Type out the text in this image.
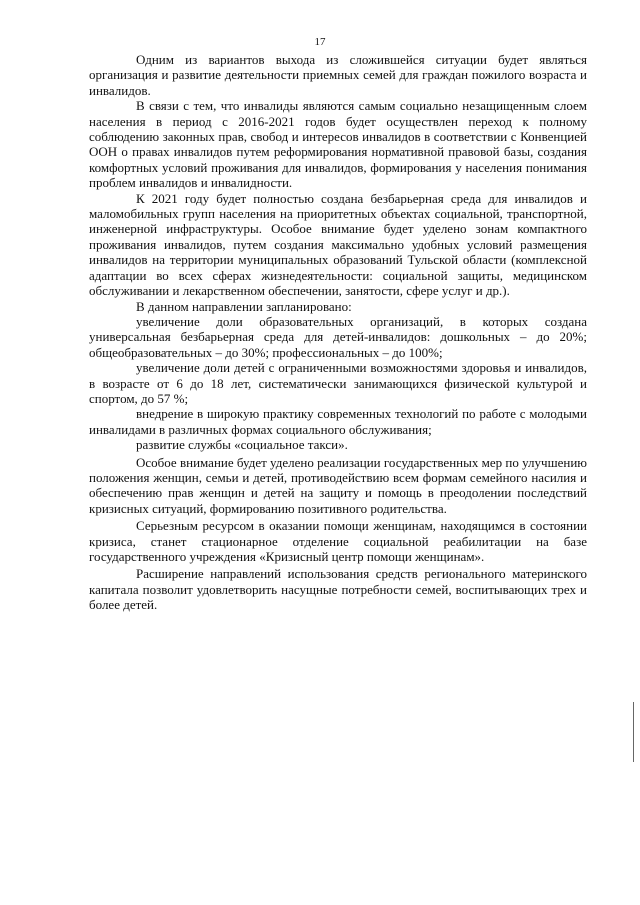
17

Одним из вариантов выхода из сложившейся ситуации будет являться организация и развитие деятельности приемных семей для граждан пожилого возраста и инвалидов.

В связи с тем, что инвалиды являются самым социально незащищенным слоем населения в период с 2016-2021 годов будет осуществлен переход к полному соблюдению законных прав, свобод и интересов инвалидов в соответствии с Конвенцией ООН о правах инвалидов путем реформирования нормативной правовой базы, создания комфортных условий проживания для инвалидов, формирования у населения понимания проблем инвалидов и инвалидности.

К 2021 году будет полностью создана безбарьерная среда для инвалидов и маломобильных групп населения на приоритетных объектах социальной, транспортной, инженерной инфраструктуры. Особое внимание будет уделено зонам компактного проживания инвалидов, путем создания максимально удобных условий размещения инвалидов на территории муниципальных образований Тульской области (комплексной адаптации во всех сферах жизнедеятельности: социальной защиты, медицинском обслуживании и лекарственном обеспечении, занятости, сфере услуг и др.).

В данном направлении запланировано:

увеличение доли образовательных организаций, в которых создана универсальная безбарьерная среда для детей-инвалидов: дошкольных – до 20%; общеобразовательных – до 30%; профессиональных – до 100%;

увеличение доли детей с ограниченными возможностями здоровья и инвалидов, в возрасте от 6 до 18 лет, систематически занимающихся физической культурой и спортом, до 57 %;

внедрение в широкую практику современных технологий по работе с молодыми инвалидами в различных формах социального обслуживания;

развитие службы «социальное такси».

Особое внимание будет уделено реализации государственных мер по улучшению положения женщин, семьи и детей, противодействию всем формам семейного насилия и обеспечению прав женщин и детей на защиту и помощь в преодолении последствий кризисных ситуаций, формированию позитивного родительства.

Серьезным ресурсом в оказании помощи женщинам, находящимся в состоянии кризиса, станет стационарное отделение социальной реабилитации на базе государственного учреждения «Кризисный центр помощи женщинам».

Расширение направлений использования средств регионального материнского капитала позволит удовлетворить насущные потребности семей, воспитывающих трех и более детей.
